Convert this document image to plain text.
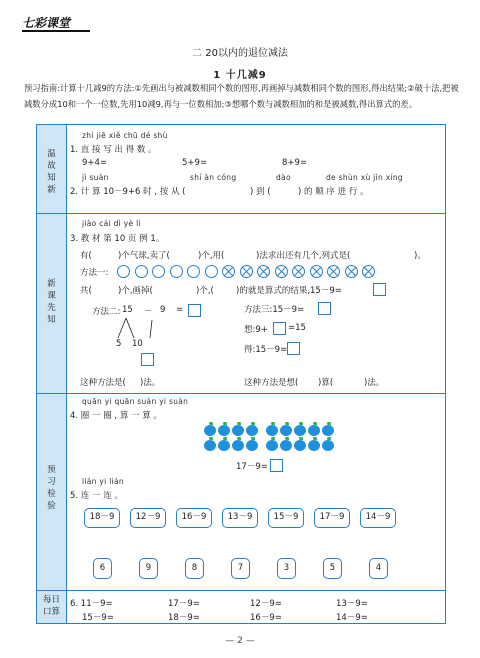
七彩课堂
二 20以内的退位减法
1 十几减9
预习指南:计算十几减9的方法:①先画出与被减数相同个数的图形,再画掉与减数相同个数的图形,得出结果;②破十法,把被减数分成10和一个一位数,先用10减9,再与一位数相加;③想哪个数与减数相加的和是被减数,得出算式的差。
温故知新
新课先知
预习检验
每日口算
zhí jiē xiě chū dé shù
1. 直 接 写 出 得 数 。
9+4=	5+9=	8+9=
jì suàn	shí àn cóng	dào	de shùn xù jìn xíng
2. 计 算 10－9+6 时 , 按 从 (	) 到 (	) 的 顺 序 进 行 。
jiào cái dì yè lì
3. 教 材 第 10 页 例 1。
有(	)个气球,卖了(	)个,用(	)法求出还有几个,列式是(	)。
方法一:
共(	)个,画掉(	)个,(	)的就是算式的结果,15－9=
方法二: 15 － 9 =
5 10
方法三:15－9=
想:9+ =15
得:15－9=
这种方法是( )法。	这种方法是想( )算(	)法。
quān yi quān suàn yi suàn
4. 圈 一 圈 , 算 一 算 。
17－9=
lián yi lián
5. 连 一 连 。
18－9	12－9	16－9	13－9	15－9	17－9	14－9
6	9	8	7	3	5	4
6. 11－9=	17－9=	12－9=	13－9=
15－9=	18－9=	16－9=	14－9=
— 2 —
